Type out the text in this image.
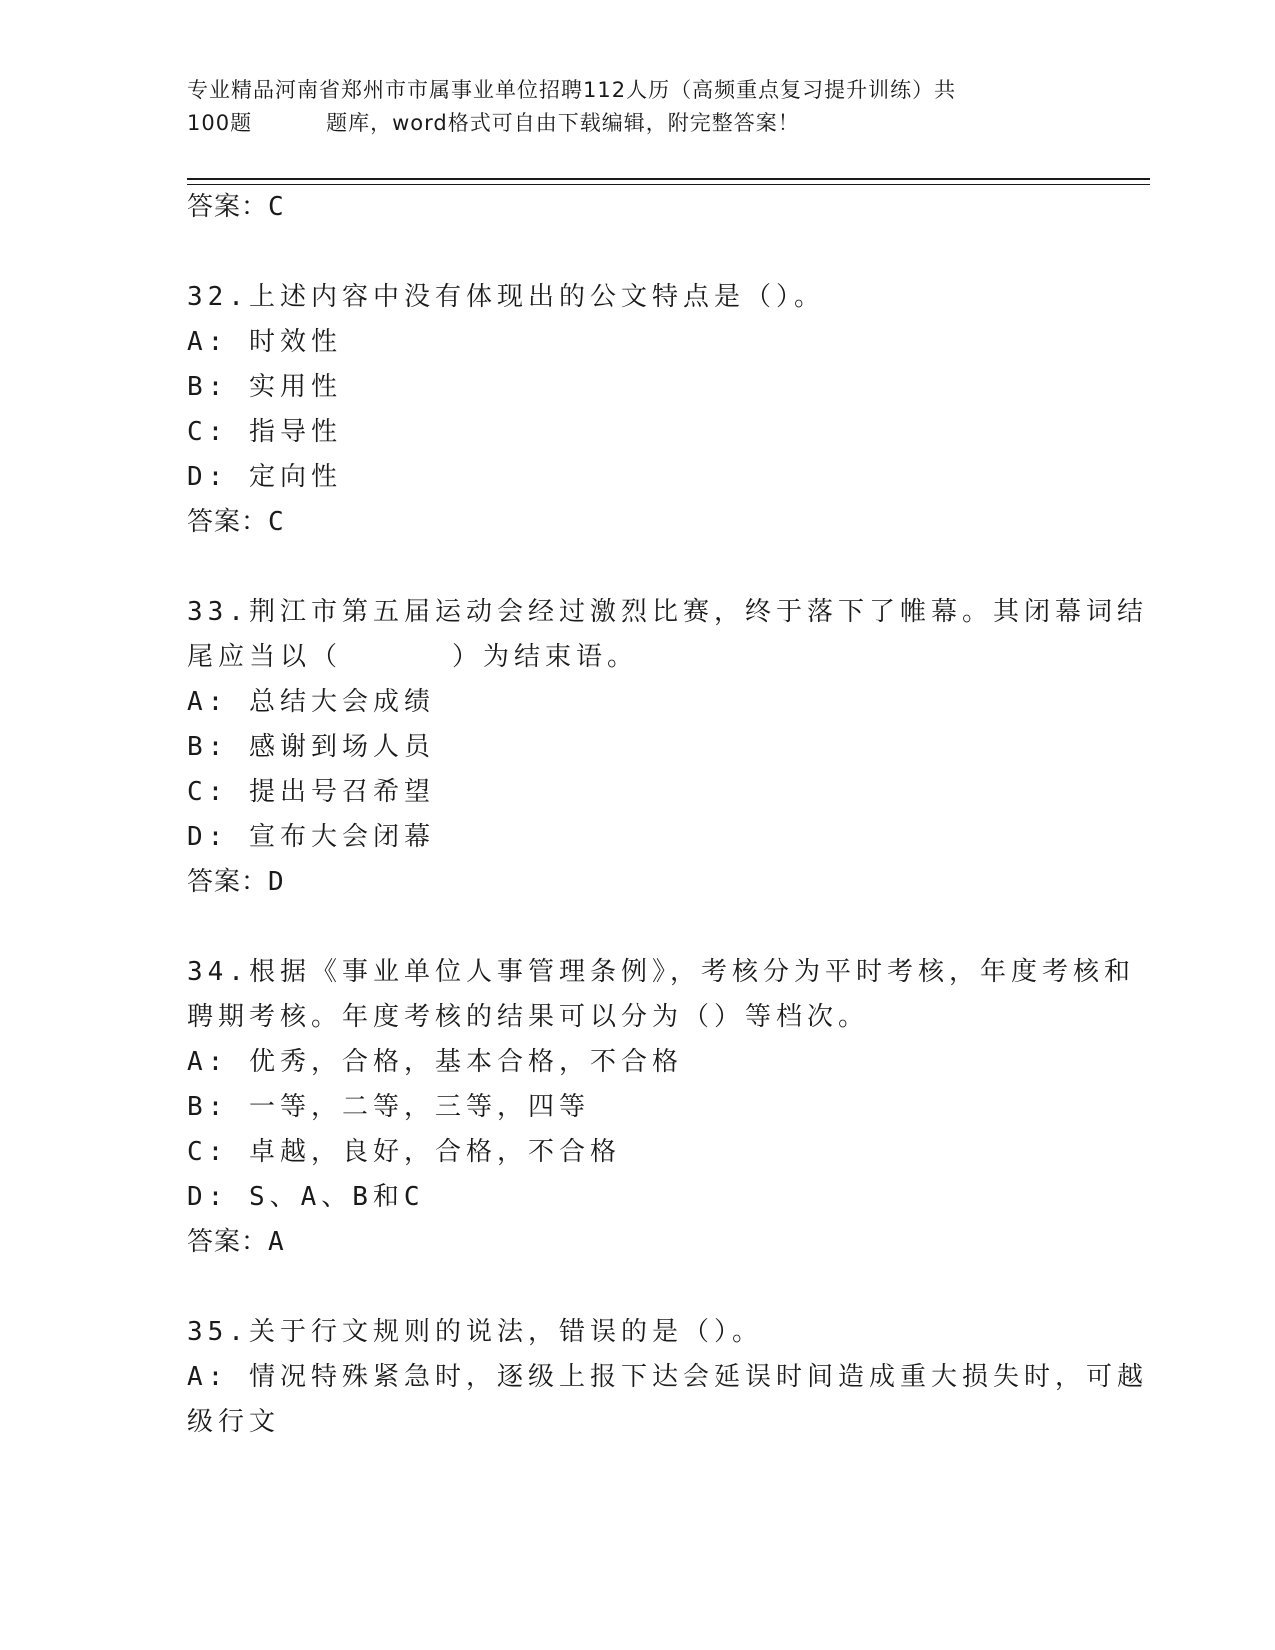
专业精品河南省郑州市市属事业单位招聘112人历（高频重点复习提升训练）共
100题	题库，word格式可自由下载编辑，附完整答案！
答案：C
32.上述内容中没有体现出的公文特点是（）。
A: 时效性
B: 实用性
C: 指导性
D: 定向性
答案：C
33.荆江市第五届运动会经过激烈比赛，终于落下了帷幕。其闭幕词结
尾应当以（	）为结束语。
A: 总结大会成绩
B: 感谢到场人员
C: 提出号召希望
D: 宣布大会闭幕
答案：D
34.根据《事业单位人事管理条例》，考核分为平时考核，年度考核和
聘期考核。年度考核的结果可以分为（）等档次。
A: 优秀，合格，基本合格，不合格
B: 一等，二等，三等，四等
C: 卓越，良好，合格，不合格
D: S、A、B和C
答案：A
35.关于行文规则的说法，错误的是（）。
A: 情况特殊紧急时，逐级上报下达会延误时间造成重大损失时，可越
级行文
